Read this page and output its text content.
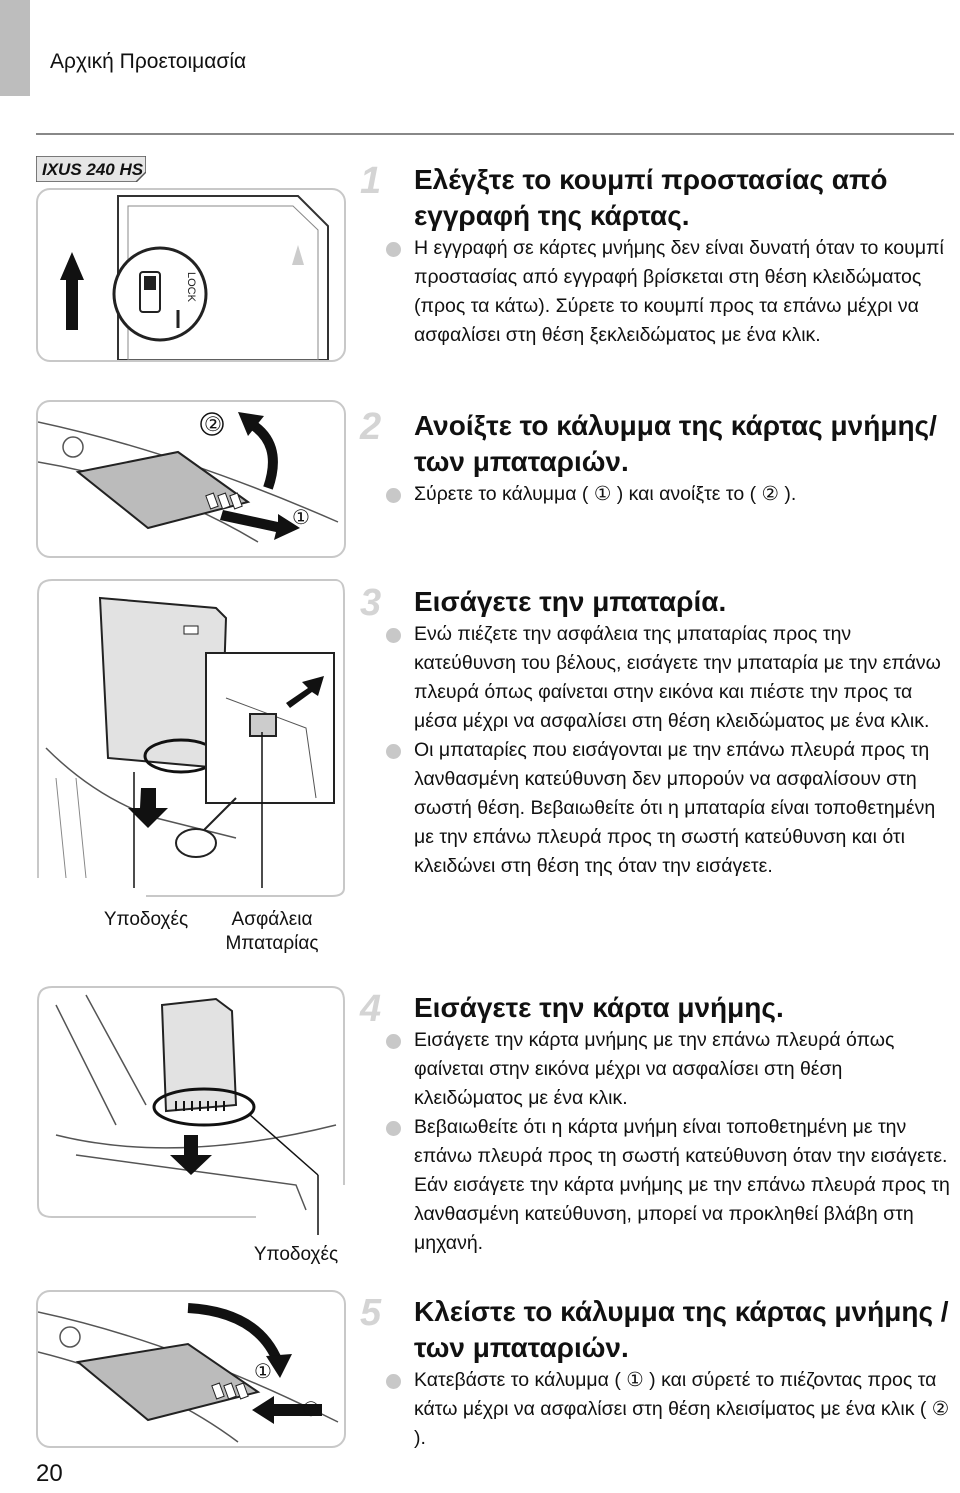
Αρχική Προετοιμασία
IXUS 240 HS
LOCK
②
①
Υποδοχές	Ασφάλεια
Μπαταρίας
Υποδοχές
①
②
1	Ελέγξτε το κουμπί προστασίας από εγγραφή της κάρτας.
Η εγγραφή σε κάρτες μνήμης δεν είναι δυνατή όταν το κουμπί προστασίας από εγγραφή βρίσκεται στη θέση κλειδώματος (προς τα κάτω). Σύρετε το κουμπί προς τα επάνω μέχρι να ασφαλίσει στη θέση ξεκλειδώματος με ένα κλικ.
2	Ανοίξτε το κάλυμμα της κάρτας μνήμης/ των μπαταριών.
Σύρετε το κάλυμμα ( ① ) και ανοίξτε το ( ② ).
3	Εισάγετε την μπαταρία.
Ενώ πιέζετε την ασφάλεια της μπαταρίας προς την κατεύθυνση του βέλους, εισάγετε την μπαταρία με την επάνω πλευρά όπως φαίνεται στην εικόνα και πιέστε την προς τα μέσα μέχρι να ασφαλίσει στη θέση κλειδώματος με ένα κλικ.
Οι μπαταρίες που εισάγονται με την επάνω πλευρά προς τη λανθασμένη κατεύθυνση δεν μπορούν να ασφαλίσουν στη σωστή θέση. Βεβαιωθείτε ότι η μπαταρία είναι τοποθετημένη με την επάνω πλευρά προς τη σωστή κατεύθυνση και ότι κλειδώνει στη θέση της όταν την εισάγετε.
4	Εισάγετε την κάρτα μνήμης.
Εισάγετε την κάρτα μνήμης με την επάνω πλευρά όπως φαίνεται στην εικόνα μέχρι να ασφαλίσει στη θέση κλειδώματος με ένα κλικ.
Βεβαιωθείτε ότι η κάρτα μνήμη είναι τοποθετημένη με την επάνω πλευρά προς τη σωστή κατεύθυνση όταν την εισάγετε. Εάν εισάγετε την κάρτα μνήμης με την επάνω πλευρά προς τη λανθασμένη κατεύθυνση, μπορεί να προκληθεί βλάβη στη μηχανή.
5	Κλείστε το κάλυμμα της κάρτας μνήμης /των μπαταριών.
Κατεβάστε το κάλυμμα ( ① ) και σύρετέ το πιέζοντας προς τα κάτω μέχρι να ασφαλίσει στη θέση κλεισίματος με ένα κλικ ( ② ).
20
